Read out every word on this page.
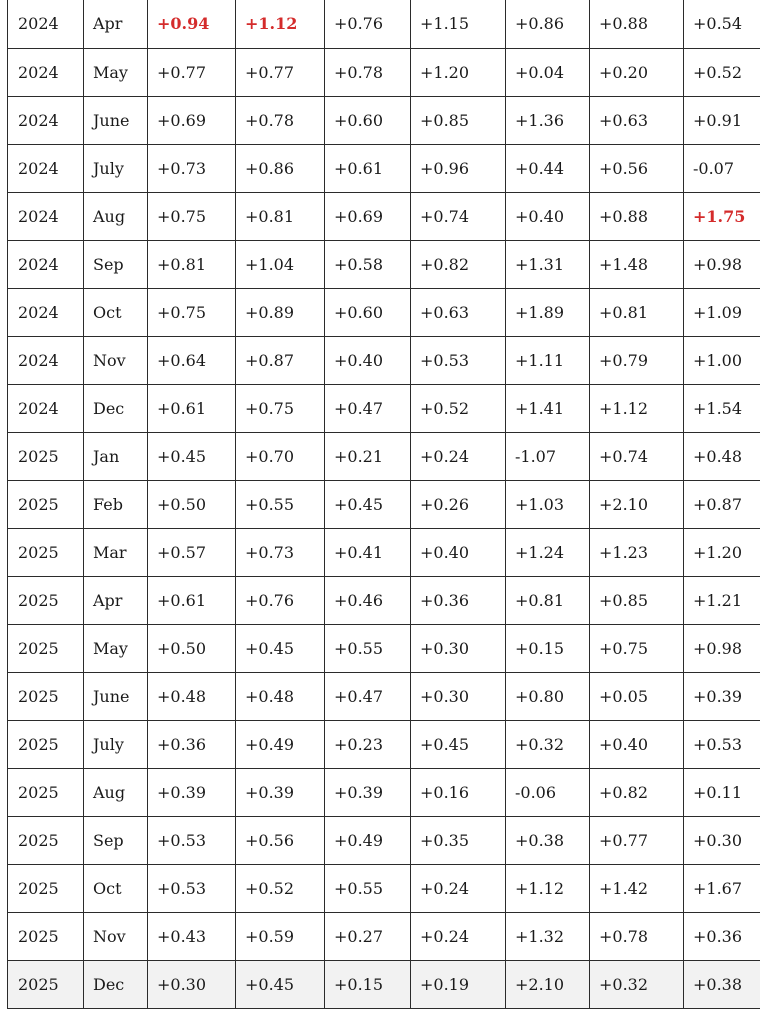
2024	Apr	+0.94	+1.12	+0.76	+1.15	+0.86	+0.88	+0.54
2024	May	+0.77	+0.77	+0.78	+1.20	+0.04	+0.20	+0.52
2024	June	+0.69	+0.78	+0.60	+0.85	+1.36	+0.63	+0.91
2024	July	+0.73	+0.86	+0.61	+0.96	+0.44	+0.56	-0.07
2024	Aug	+0.75	+0.81	+0.69	+0.74	+0.40	+0.88	+1.75
2024	Sep	+0.81	+1.04	+0.58	+0.82	+1.31	+1.48	+0.98
2024	Oct	+0.75	+0.89	+0.60	+0.63	+1.89	+0.81	+1.09
2024	Nov	+0.64	+0.87	+0.40	+0.53	+1.11	+0.79	+1.00
2024	Dec	+0.61	+0.75	+0.47	+0.52	+1.41	+1.12	+1.54
2025	Jan	+0.45	+0.70	+0.21	+0.24	-1.07	+0.74	+0.48
2025	Feb	+0.50	+0.55	+0.45	+0.26	+1.03	+2.10	+0.87
2025	Mar	+0.57	+0.73	+0.41	+0.40	+1.24	+1.23	+1.20
2025	Apr	+0.61	+0.76	+0.46	+0.36	+0.81	+0.85	+1.21
2025	May	+0.50	+0.45	+0.55	+0.30	+0.15	+0.75	+0.98
2025	June	+0.48	+0.48	+0.47	+0.30	+0.80	+0.05	+0.39
2025	July	+0.36	+0.49	+0.23	+0.45	+0.32	+0.40	+0.53
2025	Aug	+0.39	+0.39	+0.39	+0.16	-0.06	+0.82	+0.11
2025	Sep	+0.53	+0.56	+0.49	+0.35	+0.38	+0.77	+0.30
2025	Oct	+0.53	+0.52	+0.55	+0.24	+1.12	+1.42	+1.67
2025	Nov	+0.43	+0.59	+0.27	+0.24	+1.32	+0.78	+0.36
2025	Dec	+0.30	+0.45	+0.15	+0.19	+2.10	+0.32	+0.38
